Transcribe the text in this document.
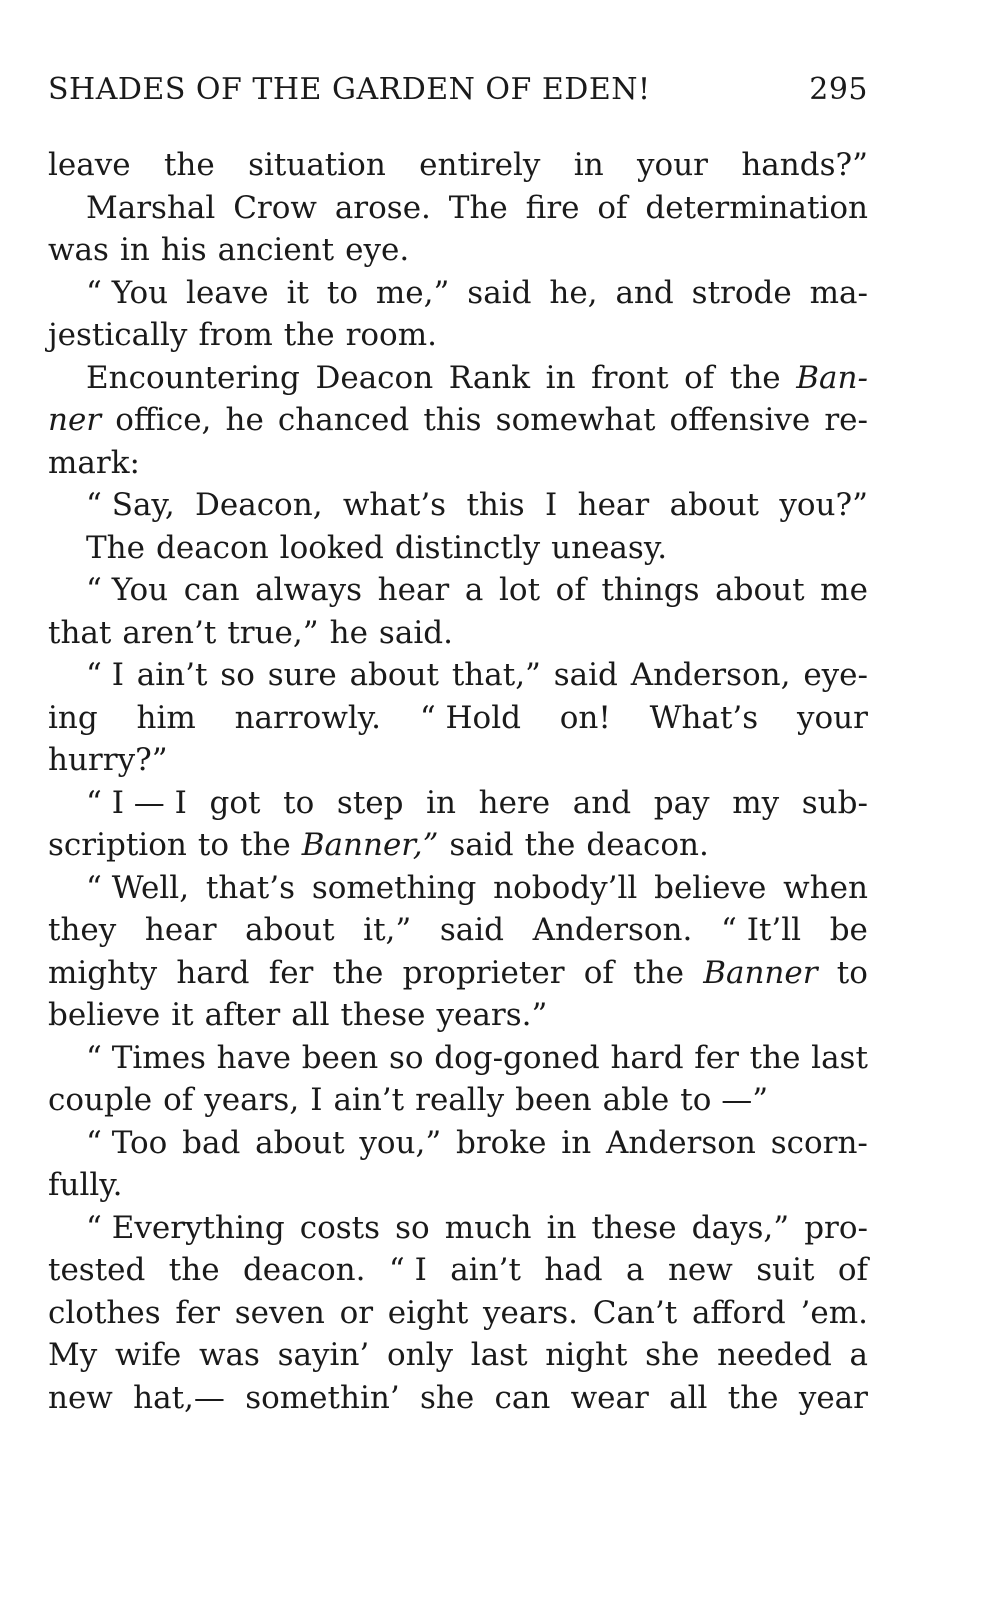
SHADES OF THE GARDEN OF EDEN!	295
leave the situation entirely in your hands?”
Marshal Crow arose. The fire of determination
was in his ancient eye.
“ You leave it to me,” said he, and strode ma-
jestically from the room.
Encountering Deacon Rank in front of the Ban-
ner office, he chanced this somewhat offensive re-
mark:
“ Say, Deacon, what’s this I hear about you?”
The deacon looked distinctly uneasy.
“ You can always hear a lot of things about me
that aren’t true,” he said.
“ I ain’t so sure about that,” said Anderson, eye-
ing him narrowly. “ Hold on! What’s your
hurry?”
“ I — I got to step in here and pay my sub-
scription to the Banner,” said the deacon.
“ Well, that’s something nobody’ll believe when
they hear about it,” said Anderson. “ It’ll be
mighty hard fer the proprieter of the Banner to
believe it after all these years.”
“ Times have been so dog-goned hard fer the last
couple of years, I ain’t really been able to —”
“ Too bad about you,” broke in Anderson scorn-
fully.
“ Everything costs so much in these days,” pro-
tested the deacon. “ I ain’t had a new suit of
clothes fer seven or eight years. Can’t afford ’em.
My wife was sayin’ only last night she needed a
new hat,— somethin’ she can wear all the year
